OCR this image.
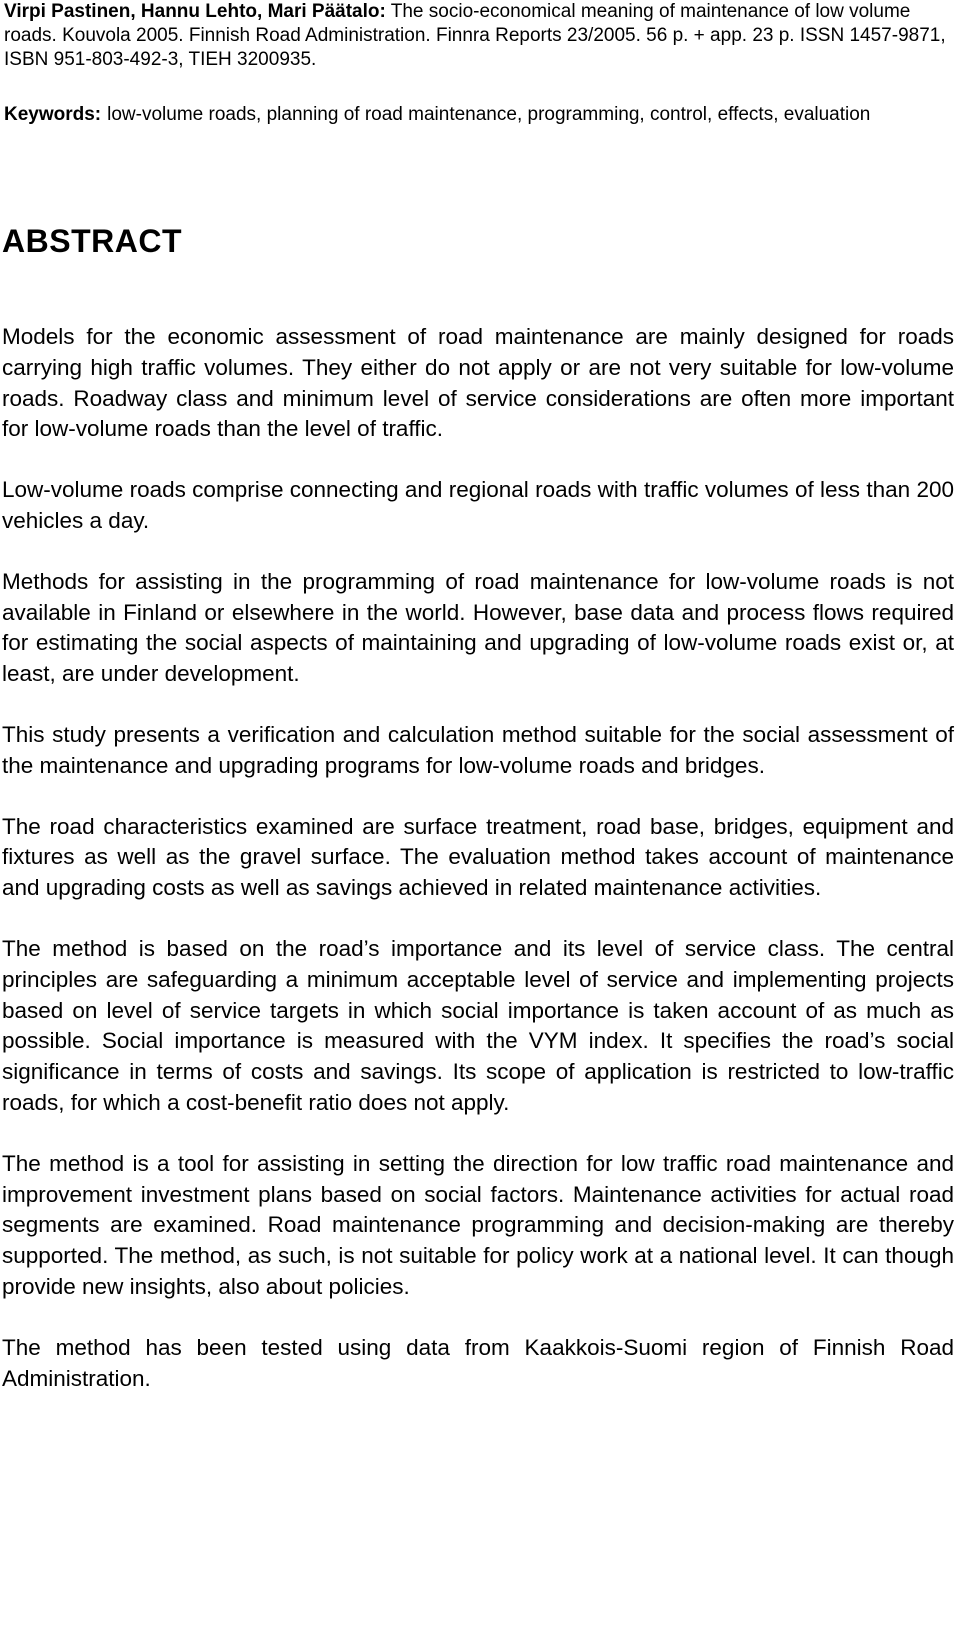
Virpi Pastinen, Hannu Lehto, Mari Päätalo: The socio-economical meaning of maintenance of low volume roads. Kouvola 2005. Finnish Road Administration. Finnra Reports 23/2005. 56 p. + app. 23 p. ISSN 1457-9871, ISBN 951-803-492-3, TIEH 3200935.

Keywords: low-volume roads, planning of road maintenance, programming, control, effects, evaluation
ABSTRACT

Models for the economic assessment of road maintenance are mainly designed for roads carrying high traffic volumes. They either do not apply or are not very suitable for low-volume roads. Roadway class and minimum level of service considerations are often more important for low-volume roads than the level of traffic.

Low-volume roads comprise connecting and regional roads with traffic volumes of less than 200 vehicles a day.

Methods for assisting in the programming of road maintenance for low-volume roads is not available in Finland or elsewhere in the world. However, base data and process flows required for estimating the social aspects of maintaining and upgrading of low-volume roads exist or, at least, are under development.

This study presents a verification and calculation method suitable for the social assessment of the maintenance and upgrading programs for low-volume roads and bridges.

The road characteristics examined are surface treatment, road base, bridges, equipment and fixtures as well as the gravel surface. The evaluation method takes account of maintenance and upgrading costs as well as savings achieved in related maintenance activities.

The method is based on the road’s importance and its level of service class. The central principles are safeguarding a minimum acceptable level of service and implementing projects based on level of service targets in which social importance is taken account of as much as possible. Social importance is measured with the VYM index. It specifies the road’s social significance in terms of costs and savings. Its scope of application is restricted to low-traffic roads, for which a cost-benefit ratio does not apply.

The method is a tool for assisting in setting the direction for low traffic road maintenance and improvement investment plans based on social factors. Maintenance activities for actual road segments are examined. Road maintenance programming and decision-making are thereby supported. The method, as such, is not suitable for policy work at a national level. It can though provide new insights, also about policies.

The method has been tested using data from Kaakkois-Suomi region of Finnish Road Administration.
